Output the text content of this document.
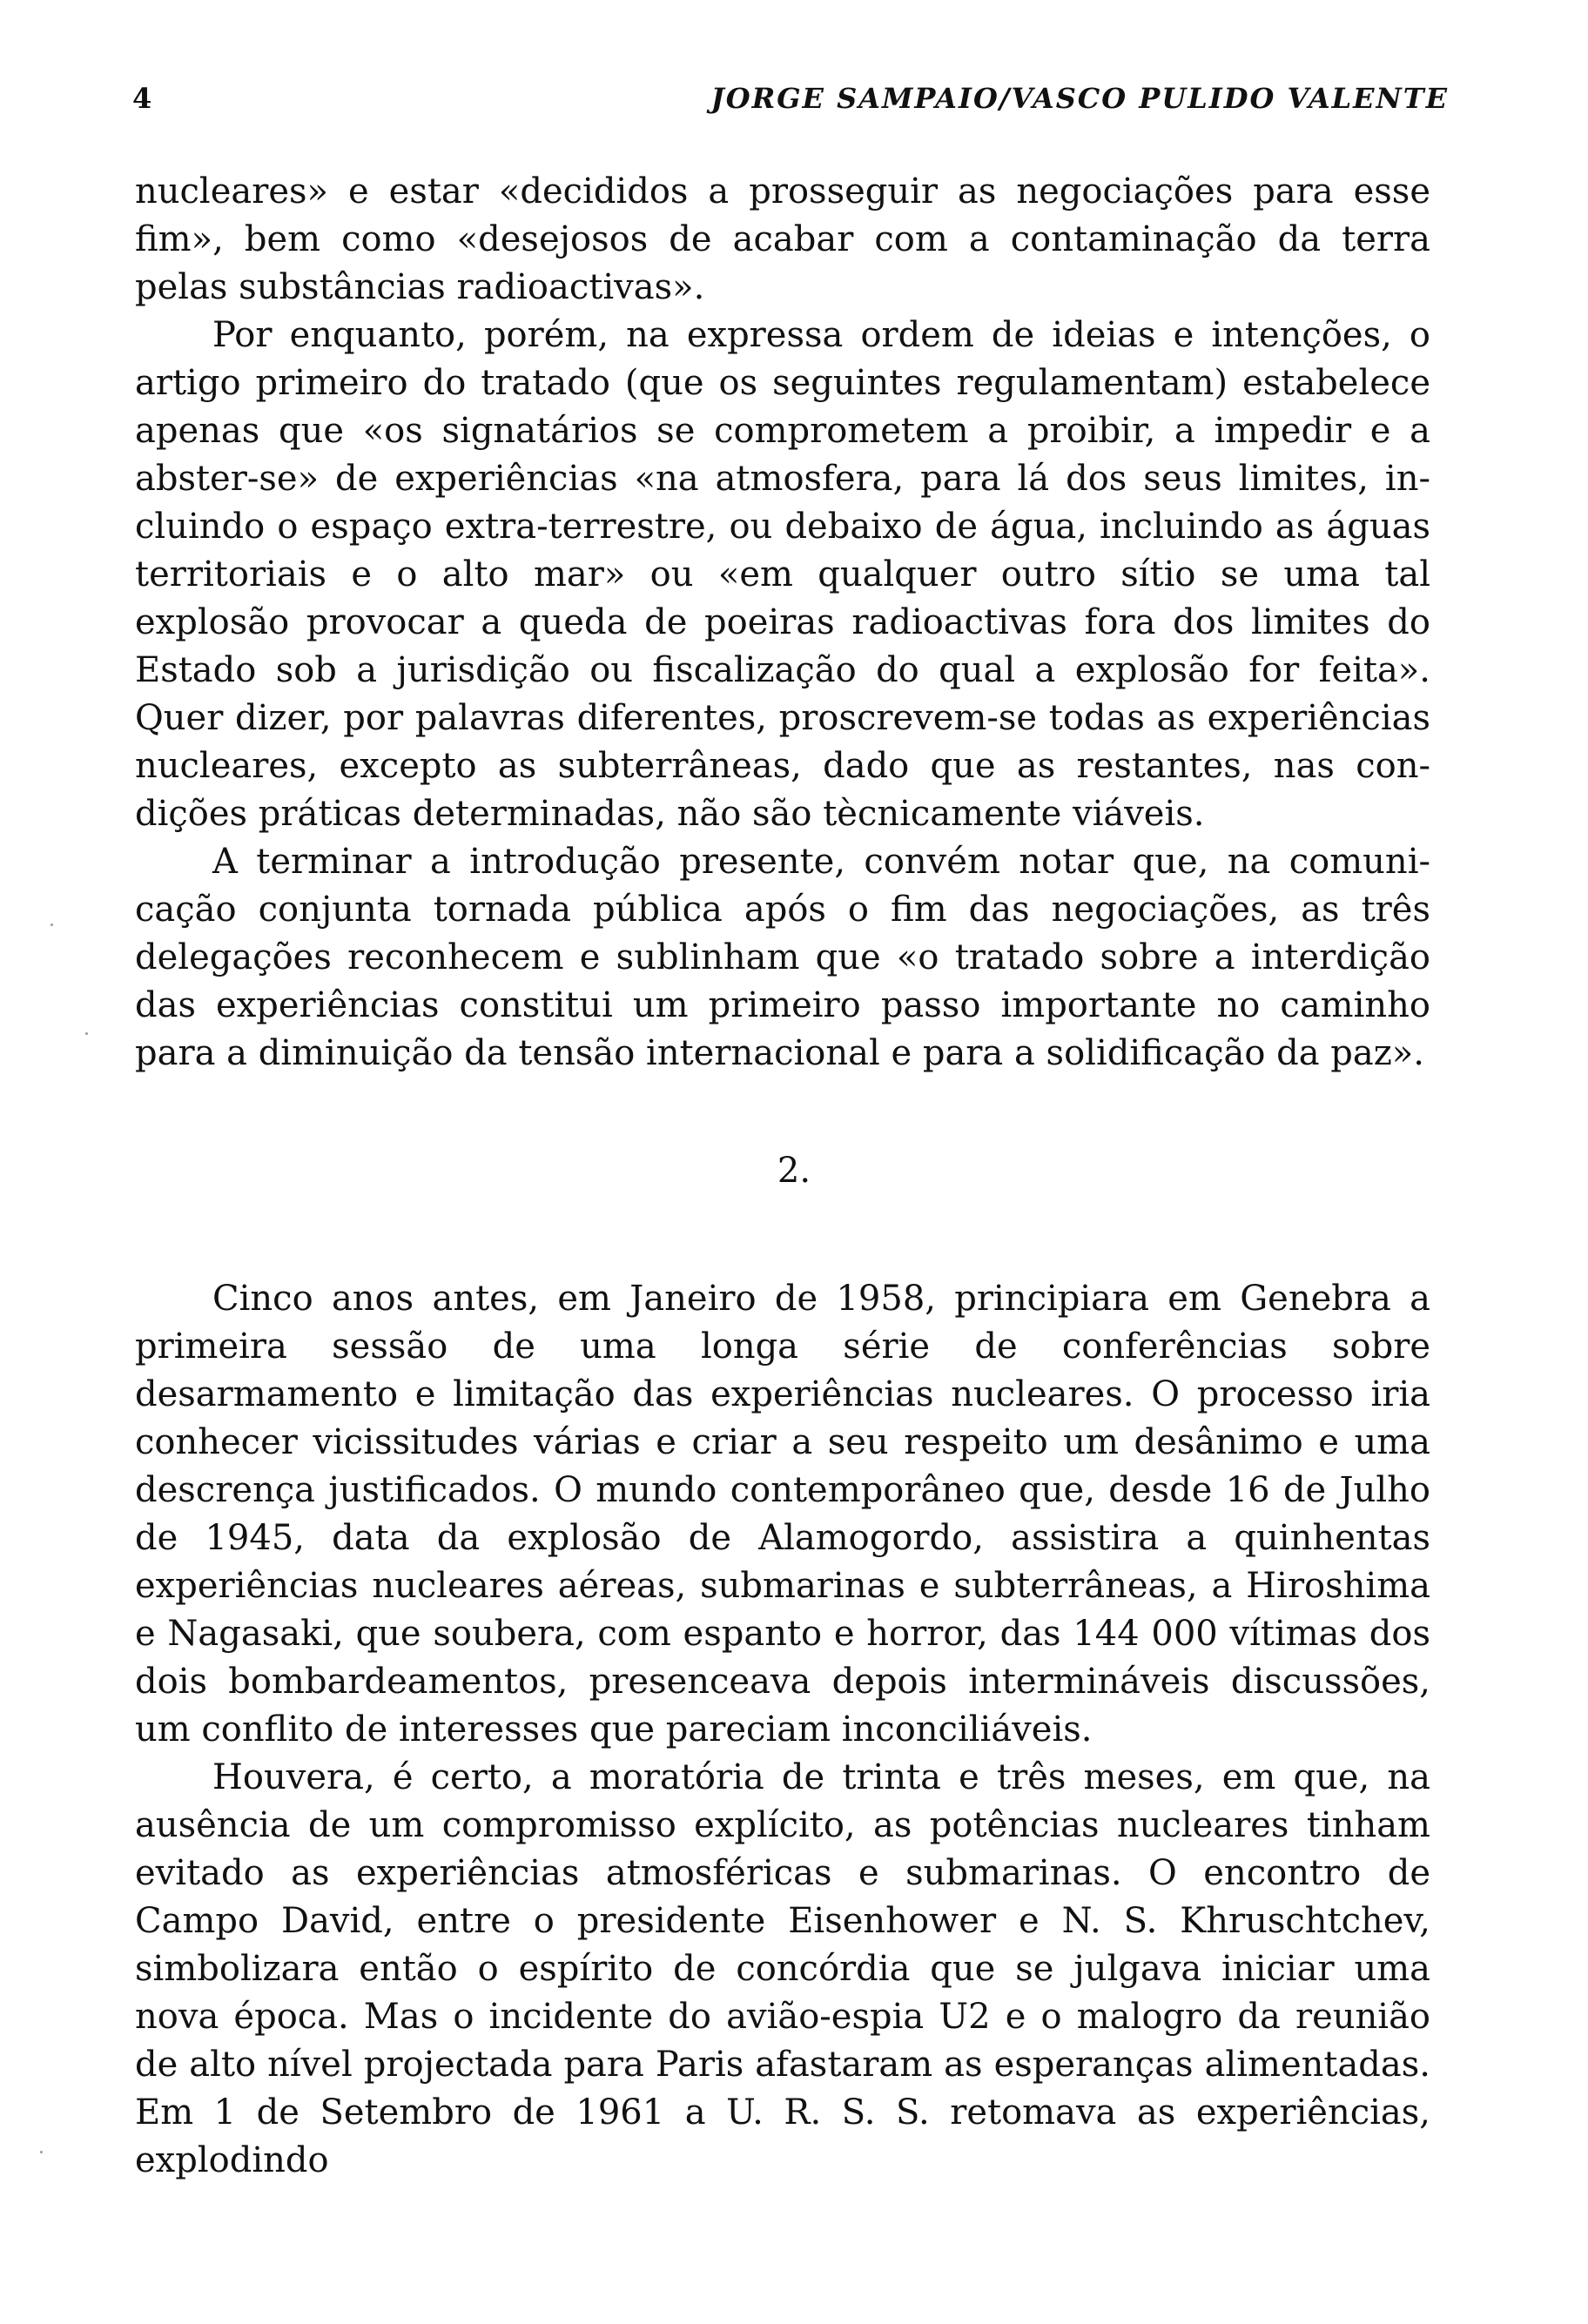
4	JORGE SAMPAIO/VASCO PULIDO VALENTE

nucleares» e estar «decididos a prosseguir as negociações para esse fim», bem como «desejosos de acabar com a contaminação da terra pelas substâncias radioactivas».

Por enquanto, porém, na expressa ordem de ideias e intenções, o artigo primeiro do tratado (que os seguintes regulamentam) estabelece apenas que «os signatários se comprometem a proibir, a impedir e a abster-se» de experiências «na atmosfera, para lá dos seus limites, incluindo o espaço extra-terrestre, ou debaixo de água, incluindo as águas territoriais e o alto mar» ou «em qualquer outro sítio se uma tal explosão provocar a queda de poeiras radioactivas fora dos limites do Estado sob a jurisdição ou fiscalização do qual a explosão for feita». Quer dizer, por palavras diferentes, proscrevem-se todas as experiências nucleares, excepto as subterrâneas, dado que as restantes, nas condições práticas determinadas, não são tècnicamente viáveis.

A terminar a introdução presente, convém notar que, na comunicação conjunta tornada pública após o fim das negociações, as três delegações reconhecem e sublinham que «o tratado sobre a interdição das experiências constitui um primeiro passo importante no caminho para a diminuição da tensão internacional e para a solidificação da paz».

2.

Cinco anos antes, em Janeiro de 1958, principiara em Genebra a primeira sessão de uma longa série de conferências sobre desarmamento e limitação das experiências nucleares. O processo iria conhecer vicissitudes várias e criar a seu respeito um desânimo e uma descrença justificados. O mundo contemporâneo que, desde 16 de Julho de 1945, data da explosão de Alamogordo, assistira a quinhentas experiências nucleares aéreas, submarinas e subterrâneas, a Hiroshima e Nagasaki, que soubera, com espanto e horror, das 144 000 vítimas dos dois bombardeamentos, presenceava depois intermináveis discussões, um conflito de interesses que pareciam inconciliáveis.

Houvera, é certo, a moratória de trinta e três meses, em que, na ausência de um compromisso explícito, as potências nucleares tinham evitado as experiências atmosféricas e submarinas. O encontro de Campo David, entre o presidente Eisenhower e N. S. Khruschtchev, simbolizara então o espírito de concórdia que se julgava iniciar uma nova época. Mas o incidente do avião-espia U2 e o malogro da reunião de alto nível projectada para Paris afastaram as esperanças alimentadas. Em 1 de Setembro de 1961 a U. R. S. S. retomava as experiências, explodindo
